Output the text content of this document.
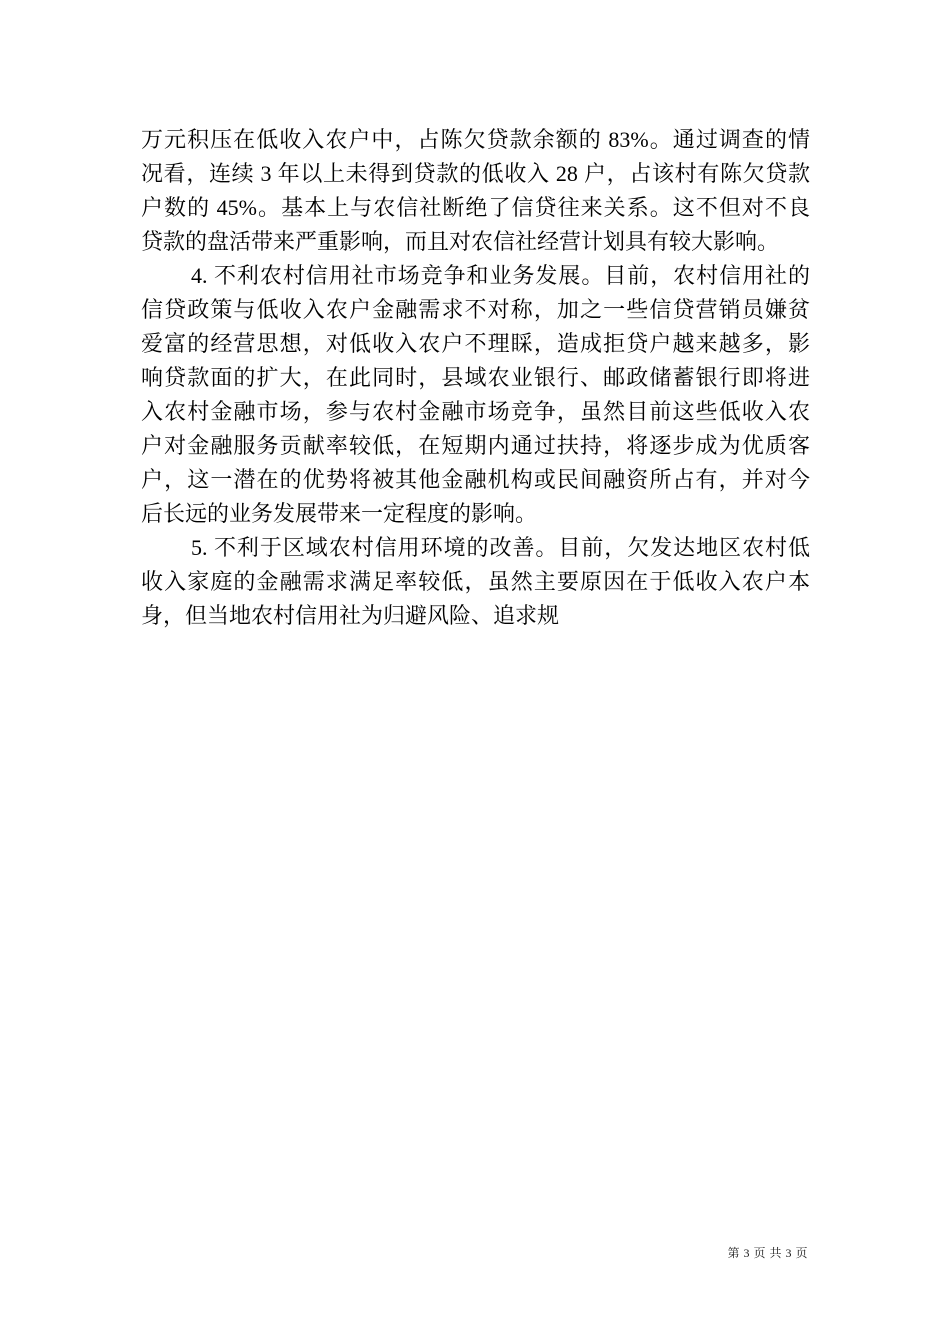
万元积压在低收入农户中，占陈欠贷款余额的 83%。通过调查的情
况看，连续 3 年以上未得到贷款的低收入 28 户，占该村有陈欠贷款
户数的 45%。基本上与农信社断绝了信贷往来关系。这不但对不良
贷款的盘活带来严重影响，而且对农信社经营计划具有较大影响。
4. 不利农村信用社市场竞争和业务发展。目前，农村信用社的
信贷政策与低收入农户金融需求不对称，加之一些信贷营销员嫌贫
爱富的经营思想，对低收入农户不理睬，造成拒贷户越来越多，影
响贷款面的扩大，在此同时，县域农业银行、邮政储蓄银行即将进
入农村金融市场，参与农村金融市场竞争，虽然目前这些低收入农
户对金融服务贡献率较低，在短期内通过扶持，将逐步成为优质客
户，这一潜在的优势将被其他金融机构或民间融资所占有，并对今
后长远的业务发展带来一定程度的影响。
5. 不利于区域农村信用环境的改善。目前，欠发达地区农村低
收入家庭的金融需求满足率较低，虽然主要原因在于低收入农户本
身，但当地农村信用社为归避风险、追求规
第 3 页 共 3 页
